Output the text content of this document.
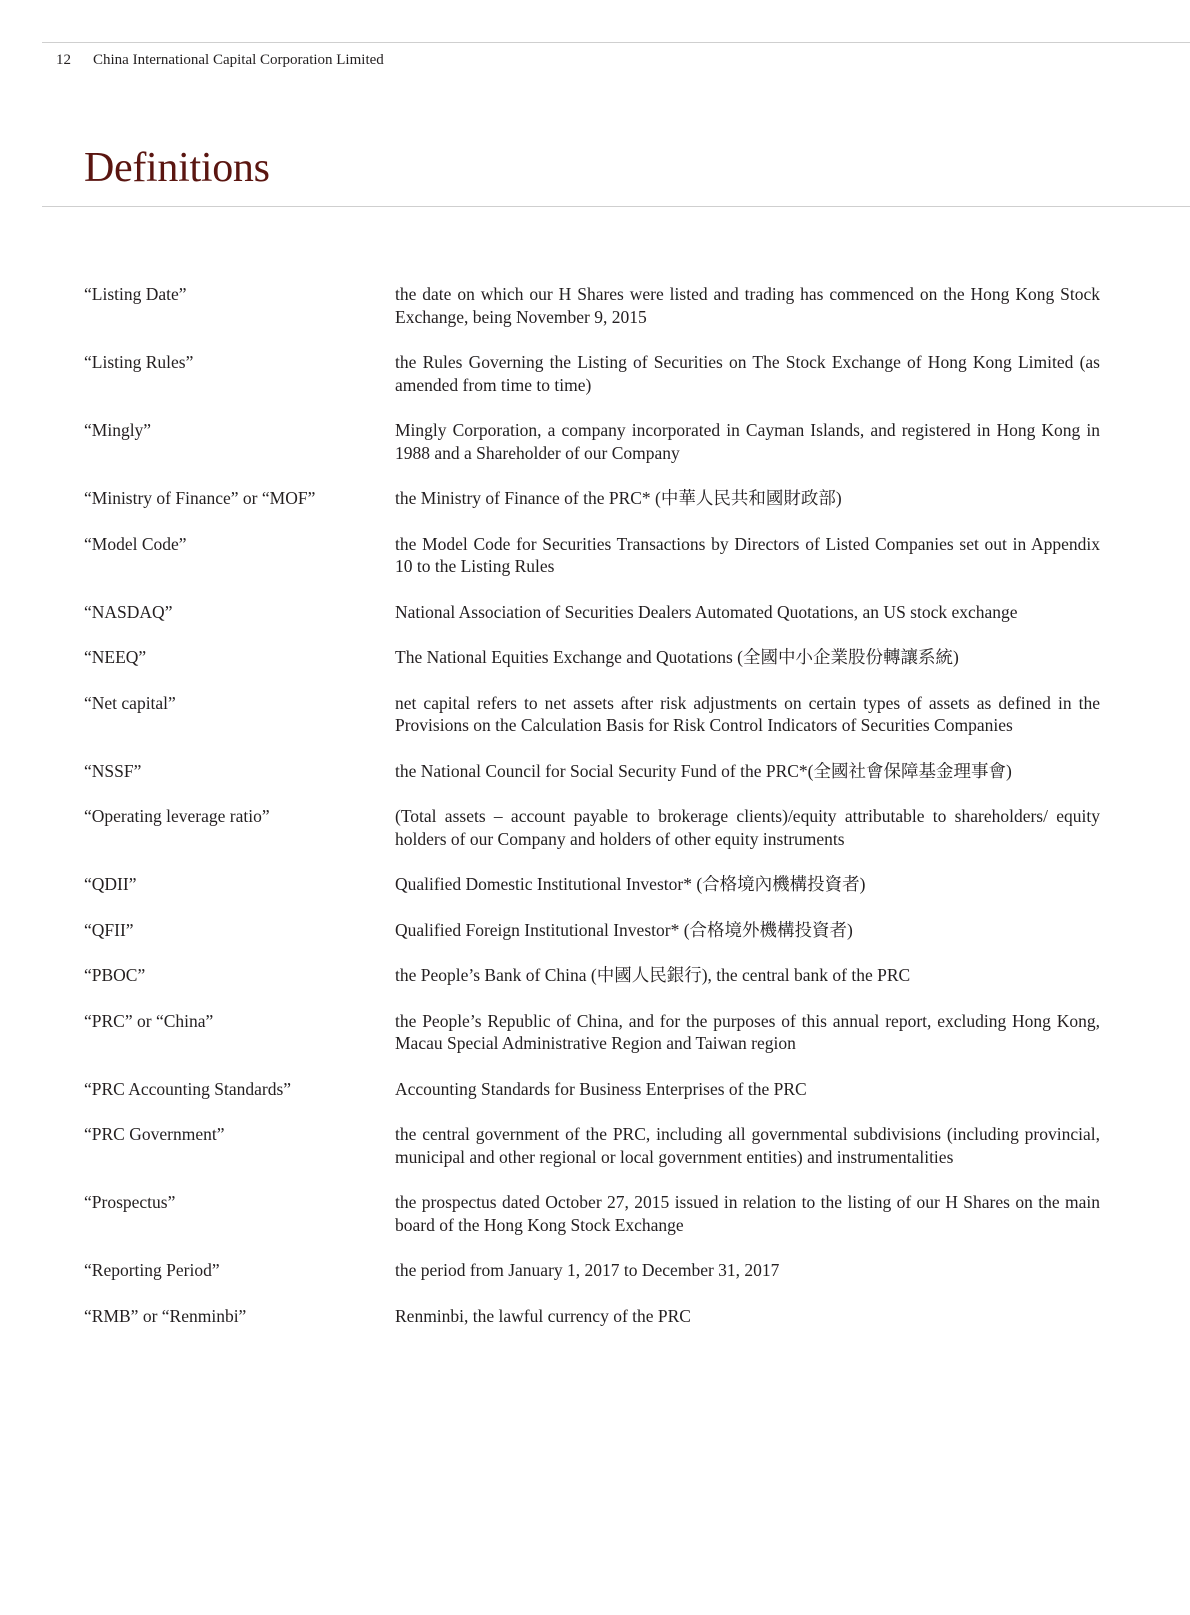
12 China International Capital Corporation Limited
Definitions
“Listing Date”	the date on which our H Shares were listed and trading has commenced on the Hong Kong Stock Exchange, being November 9, 2015
“Listing Rules”	the Rules Governing the Listing of Securities on The Stock Exchange of Hong Kong Limited (as amended from time to time)
“Mingly”	Mingly Corporation, a company incorporated in Cayman Islands, and registered in Hong Kong in 1988 and a Shareholder of our Company
“Ministry of Finance” or “MOF”	the Ministry of Finance of the PRC* (中華人民共和國財政部)
“Model Code”	the Model Code for Securities Transactions by Directors of Listed Companies set out in Appendix 10 to the Listing Rules
“NASDAQ”	National Association of Securities Dealers Automated Quotations, an US stock exchange
“NEEQ”	The National Equities Exchange and Quotations (全國中小企業股份轉讓系統)
“Net capital”	net capital refers to net assets after risk adjustments on certain types of assets as defined in the Provisions on the Calculation Basis for Risk Control Indicators of Securities Companies
“NSSF”	the National Council for Social Security Fund of the PRC*(全國社會保障基金理事會)
“Operating leverage ratio”	(Total assets – account payable to brokerage clients)/equity attributable to shareholders/ equity holders of our Company and holders of other equity instruments
“QDII”	Qualified Domestic Institutional Investor* (合格境內機構投資者)
“QFII”	Qualified Foreign Institutional Investor* (合格境外機構投資者)
“PBOC”	the People’s Bank of China (中國人民銀行), the central bank of the PRC
“PRC” or “China”	the People’s Republic of China, and for the purposes of this annual report, excluding Hong Kong, Macau Special Administrative Region and Taiwan region
“PRC Accounting Standards”	Accounting Standards for Business Enterprises of the PRC
“PRC Government”	the central government of the PRC, including all governmental subdivisions (including provincial, municipal and other regional or local government entities) and instrumentalities
“Prospectus”	the prospectus dated October 27, 2015 issued in relation to the listing of our H Shares on the main board of the Hong Kong Stock Exchange
“Reporting Period”	the period from January 1, 2017 to December 31, 2017
“RMB” or “Renminbi”	Renminbi, the lawful currency of the PRC
